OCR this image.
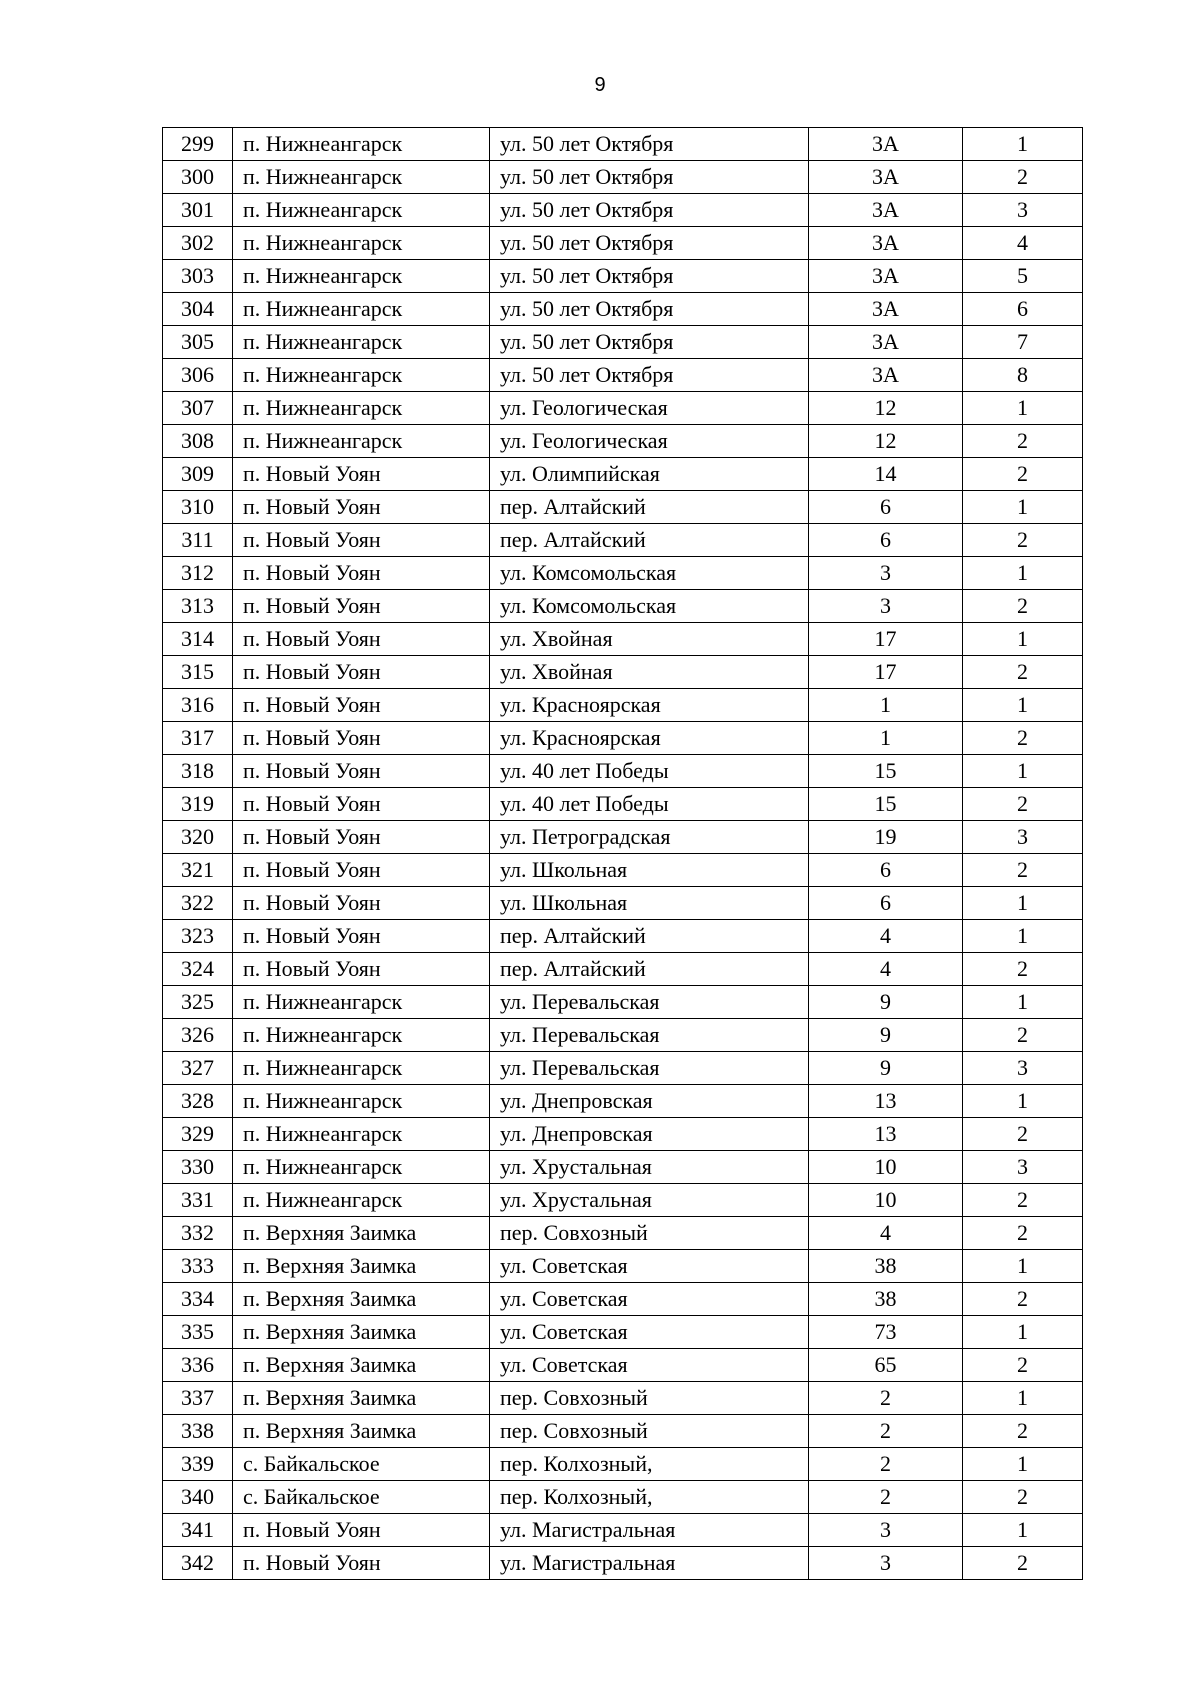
9
299	п. Нижнеангарск	ул. 50 лет Октября	3А	1
300	п. Нижнеангарск	ул. 50 лет Октября	3А	2
301	п. Нижнеангарск	ул. 50 лет Октября	3А	3
302	п. Нижнеангарск	ул. 50 лет Октября	3А	4
303	п. Нижнеангарск	ул. 50 лет Октября	3А	5
304	п. Нижнеангарск	ул. 50 лет Октября	3А	6
305	п. Нижнеангарск	ул. 50 лет Октября	3А	7
306	п. Нижнеангарск	ул. 50 лет Октября	3А	8
307	п. Нижнеангарск	ул. Геологическая	12	1
308	п. Нижнеангарск	ул. Геологическая	12	2
309	п. Новый Уоян	ул. Олимпийская	14	2
310	п. Новый Уоян	пер. Алтайский	6	1
311	п. Новый Уоян	пер. Алтайский	6	2
312	п. Новый Уоян	ул. Комсомольская	3	1
313	п. Новый Уоян	ул. Комсомольская	3	2
314	п. Новый Уоян	ул. Хвойная	17	1
315	п. Новый Уоян	ул. Хвойная	17	2
316	п. Новый Уоян	ул. Красноярская	1	1
317	п. Новый Уоян	ул. Красноярская	1	2
318	п. Новый Уоян	ул. 40 лет Победы	15	1
319	п. Новый Уоян	ул. 40 лет Победы	15	2
320	п. Новый Уоян	ул. Петроградская	19	3
321	п. Новый Уоян	ул. Школьная	6	2
322	п. Новый Уоян	ул. Школьная	6	1
323	п. Новый Уоян	пер. Алтайский	4	1
324	п. Новый Уоян	пер. Алтайский	4	2
325	п. Нижнеангарск	ул. Перевальская	9	1
326	п. Нижнеангарск	ул. Перевальская	9	2
327	п. Нижнеангарск	ул. Перевальская	9	3
328	п. Нижнеангарск	ул. Днепровская	13	1
329	п. Нижнеангарск	ул. Днепровская	13	2
330	п. Нижнеангарск	ул. Хрустальная	10	3
331	п. Нижнеангарск	ул. Хрустальная	10	2
332	п. Верхняя Заимка	пер. Совхозный	4	2
333	п. Верхняя Заимка	ул. Советская	38	1
334	п. Верхняя Заимка	ул. Советская	38	2
335	п. Верхняя Заимка	ул. Советская	73	1
336	п. Верхняя Заимка	ул. Советская	65	2
337	п. Верхняя Заимка	пер. Совхозный	2	1
338	п. Верхняя Заимка	пер. Совхозный	2	2
339	с. Байкальское	пер. Колхозный,	2	1
340	с. Байкальское	пер. Колхозный,	2	2
341	п. Новый Уоян	ул. Магистральная	3	1
342	п. Новый Уоян	ул. Магистральная	3	2
